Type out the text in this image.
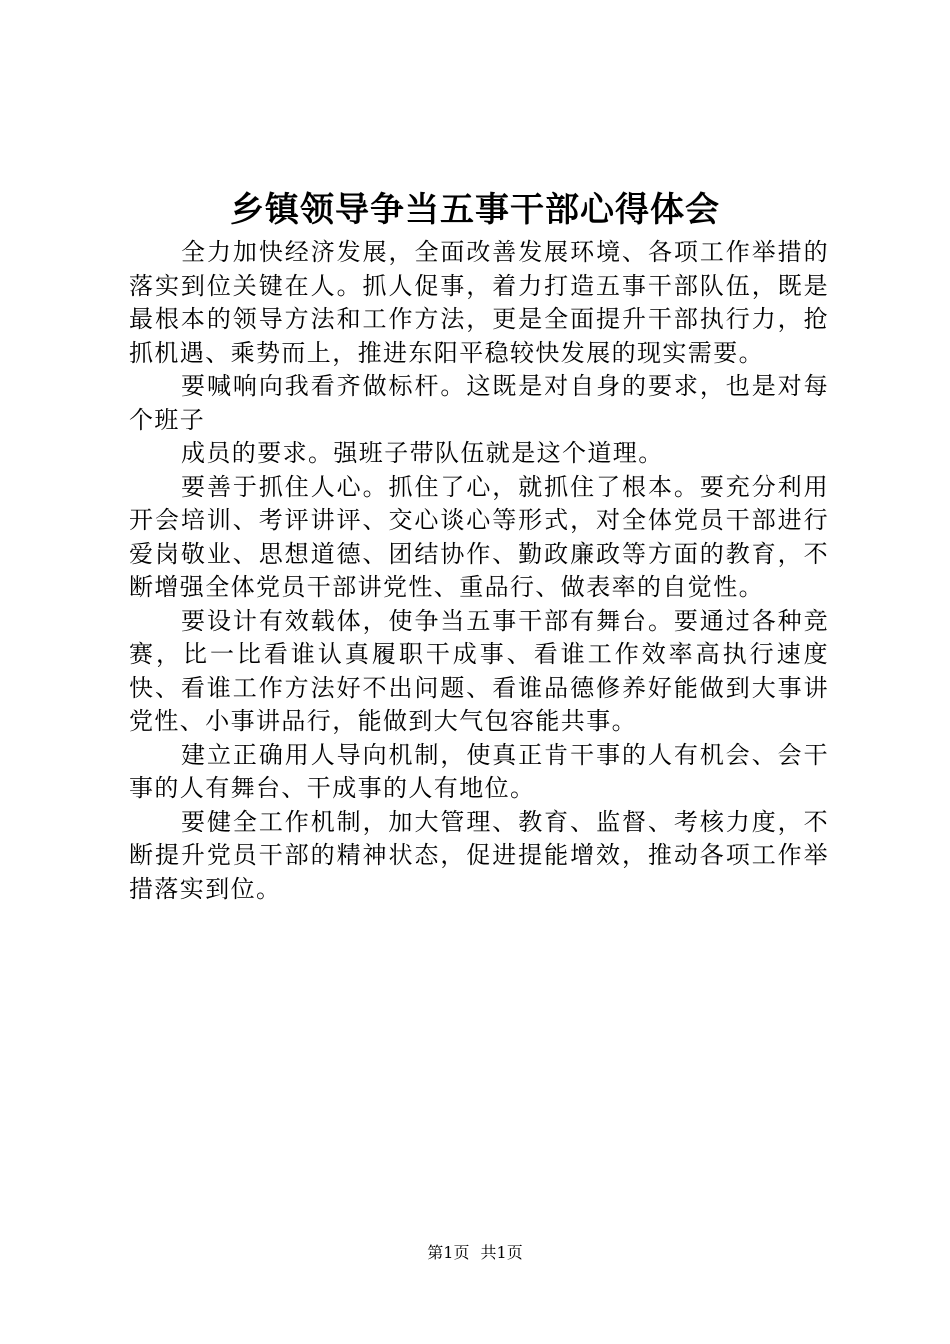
乡镇领导争当五事干部心得体会

全力加快经济发展，全面改善发展环境、各项工作举措的落实到位关键在人。抓人促事，着力打造五事干部队伍，既是最根本的领导方法和工作方法，更是全面提升干部执行力，抢抓机遇、乘势而上，推进东阳平稳较快发展的现实需要。

要喊响向我看齐做标杆。这既是对自身的要求，也是对每个班子

成员的要求。强班子带队伍就是这个道理。

要善于抓住人心。抓住了心，就抓住了根本。要充分利用开会培训、考评讲评、交心谈心等形式，对全体党员干部进行爱岗敬业、思想道德、团结协作、勤政廉政等方面的教育，不断增强全体党员干部讲党性、重品行、做表率的自觉性。

要设计有效载体，使争当五事干部有舞台。要通过各种竞赛，比一比看谁认真履职干成事、看谁工作效率高执行速度快、看谁工作方法好不出问题、看谁品德修养好能做到大事讲党性、小事讲品行，能做到大气包容能共事。

建立正确用人导向机制，使真正肯干事的人有机会、会干事的人有舞台、干成事的人有地位。

要健全工作机制，加大管理、教育、监督、考核力度，不断提升党员干部的精神状态，促进提能增效，推动各项工作举措落实到位。

第1页 共1页
